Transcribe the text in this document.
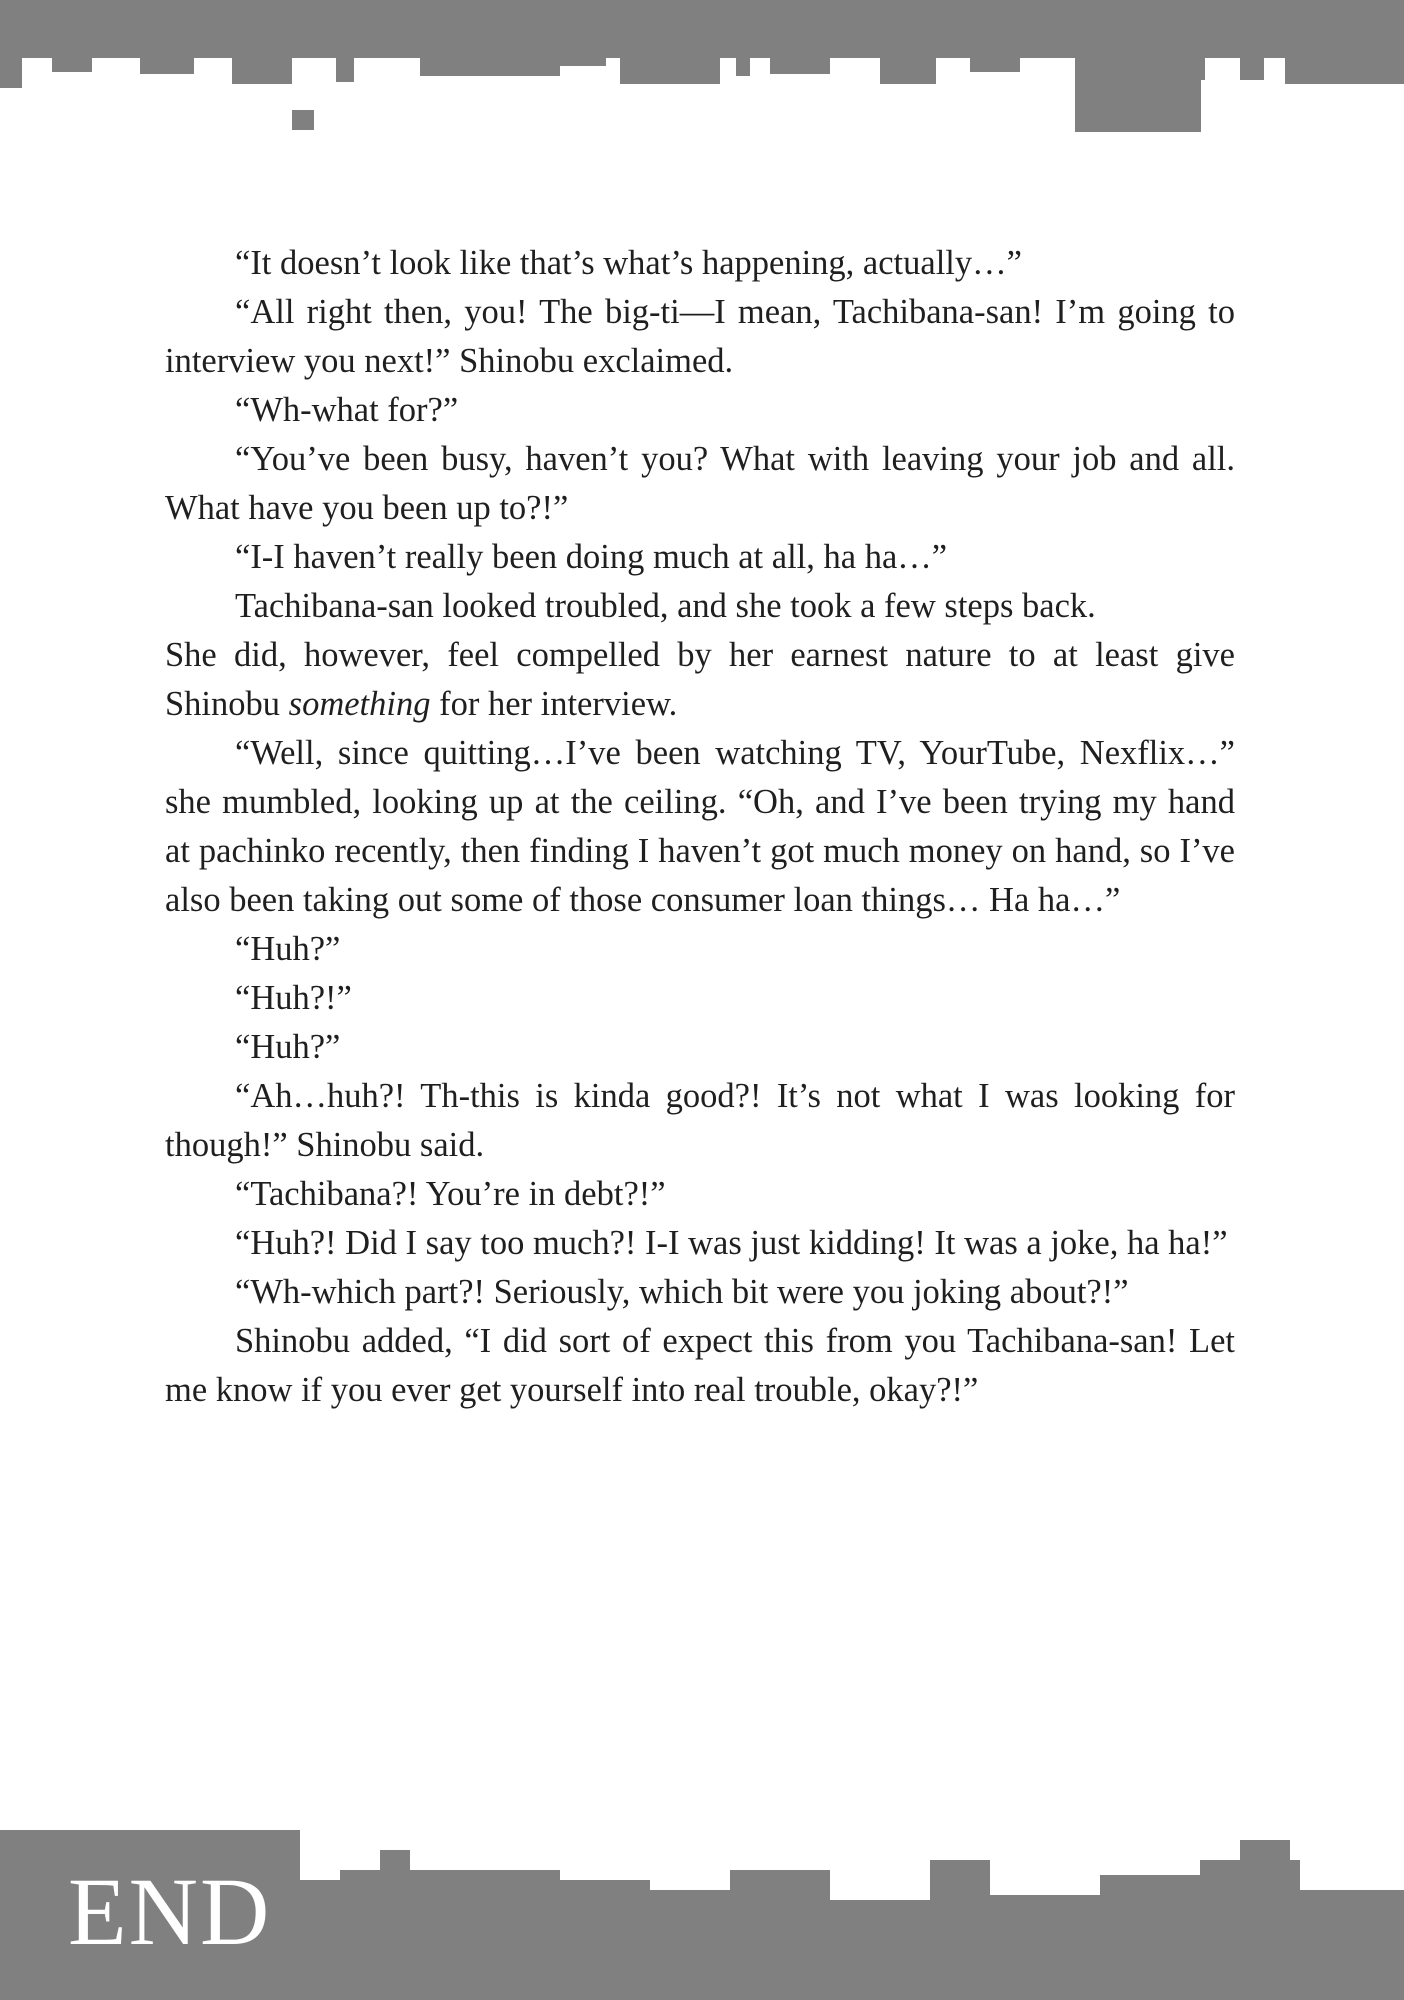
END

“It doesn’t look like that’s what’s happening, actually…”

“All right then, you! The big-ti—I mean, Tachibana-san! I’m going to interview you next!” Shinobu exclaimed.

“Wh-what for?”

“You’ve been busy, haven’t you? What with leaving your job and all. What have you been up to?!”

“I-I haven’t really been doing much at all, ha ha…”

Tachibana-san looked troubled, and she took a few steps back.

She did, however, feel compelled by her earnest nature to at least give Shinobu something for her interview.

“Well, since quitting…I’ve been watching TV, YourTube, Nexflix…” she mumbled, looking up at the ceiling. “Oh, and I’ve been trying my hand at pachinko recently, then finding I haven’t got much money on hand, so I’ve also been taking out some of those consumer loan things… Ha ha…”

“Huh?”

“Huh?!”

“Huh?”

“Ah…huh?! Th-this is kinda good?! It’s not what I was looking for though!” Shinobu said.

“Tachibana?! You’re in debt?!”

“Huh?! Did I say too much?! I-I was just kidding! It was a joke, ha ha!”

“Wh-which part?! Seriously, which bit were you joking about?!”

Shinobu added, “I did sort of expect this from you Tachibana-san! Let me know if you ever get yourself into real trouble, okay?!”
